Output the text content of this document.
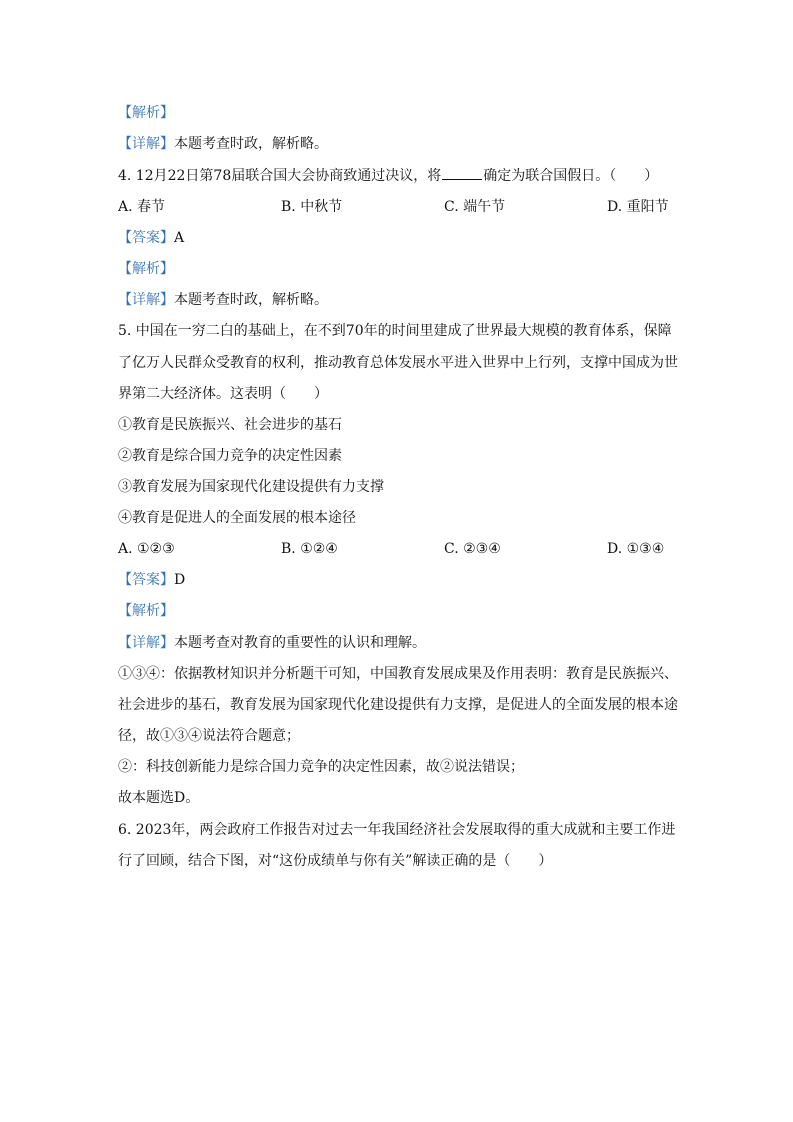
【解析】
【详解】本题考查时政，解析略。
4. 12月22日第78届联合国大会协商致通过决议，将	确定为联合国假日。（　　）
A. 春节	B. 中秋节	C. 端午节	D. 重阳节
【答案】A
【解析】
【详解】本题考查时政，解析略。
5. 中国在一穷二白的基础上，在不到70年的时间里建成了世界最大规模的教育体系，保障
了亿万人民群众受教育的权利，推动教育总体发展水平进入世界中上行列，支撑中国成为世
界第二大经济体。这表明（　　）
①教育是民族振兴、社会进步的基石
②教育是综合国力竞争的决定性因素
③教育发展为国家现代化建设提供有力支撑
④教育是促进人的全面发展的根本途径
A. ①②③	B. ①②④	C. ②③④	D. ①③④
【答案】D
【解析】
【详解】本题考查对教育的重要性的认识和理解。
①③④：依据教材知识并分析题干可知，中国教育发展成果及作用表明：教育是民族振兴、
社会进步的基石，教育发展为国家现代化建设提供有力支撑，是促进人的全面发展的根本途
径，故①③④说法符合题意；
②：科技创新能力是综合国力竞争的决定性因素，故②说法错误；
故本题选D。
6. 2023年，两会政府工作报告对过去一年我国经济社会发展取得的重大成就和主要工作进
行了回顾，结合下图，对“这份成绩单与你有关”解读正确的是（　　）
